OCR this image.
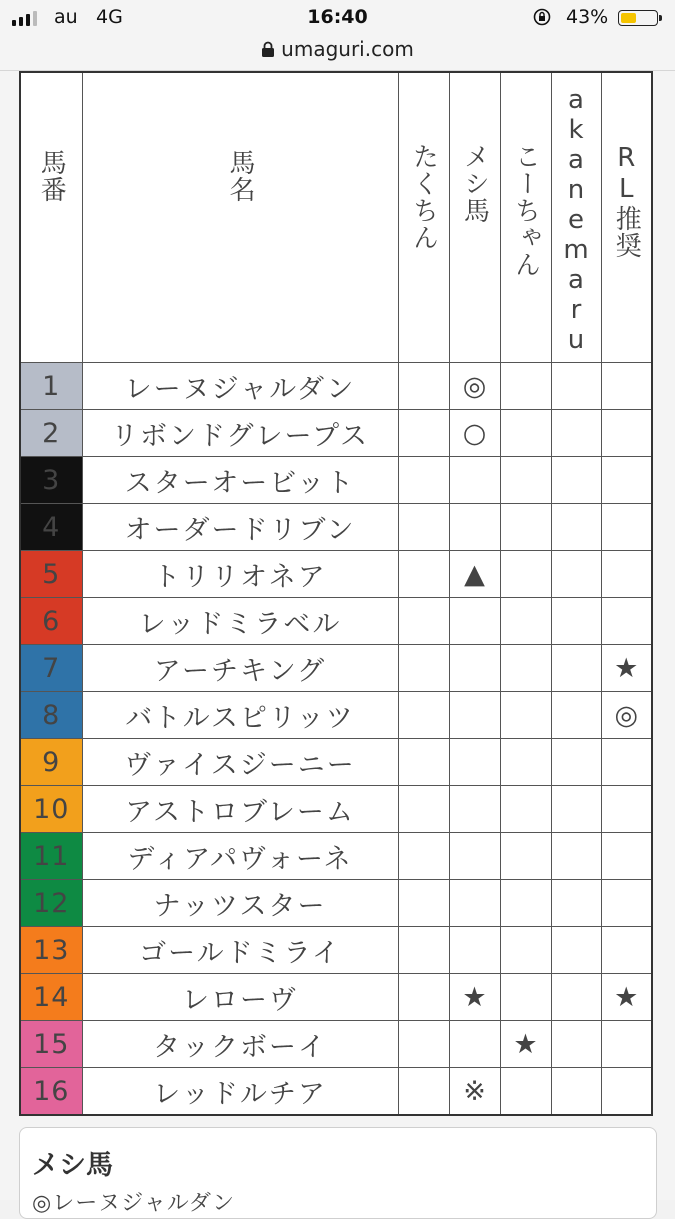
au 4G	16:40	43%
umaguri.com
馬番	馬名	たくちん	メシ馬	こーちゃん	akanemaru	RL推奨
1	レーヌジャルダン		◎			
2	リボンドグレープス		○			
3	スターオービット					
4	オーダードリブン					
5	トリリオネア		▲			
6	レッドミラベル					
7	アーチキング					★
8	バトルスピリッツ					◎
9	ヴァイスジーニー					
10	アストロブレーム					
11	ディアパヴォーネ					
12	ナッツスター					
13	ゴールドミライ					
14	レローヴ		★			★
15	タックボーイ			★		
16	レッドルチア		※			
メシ馬
◎レーヌジャルダン
